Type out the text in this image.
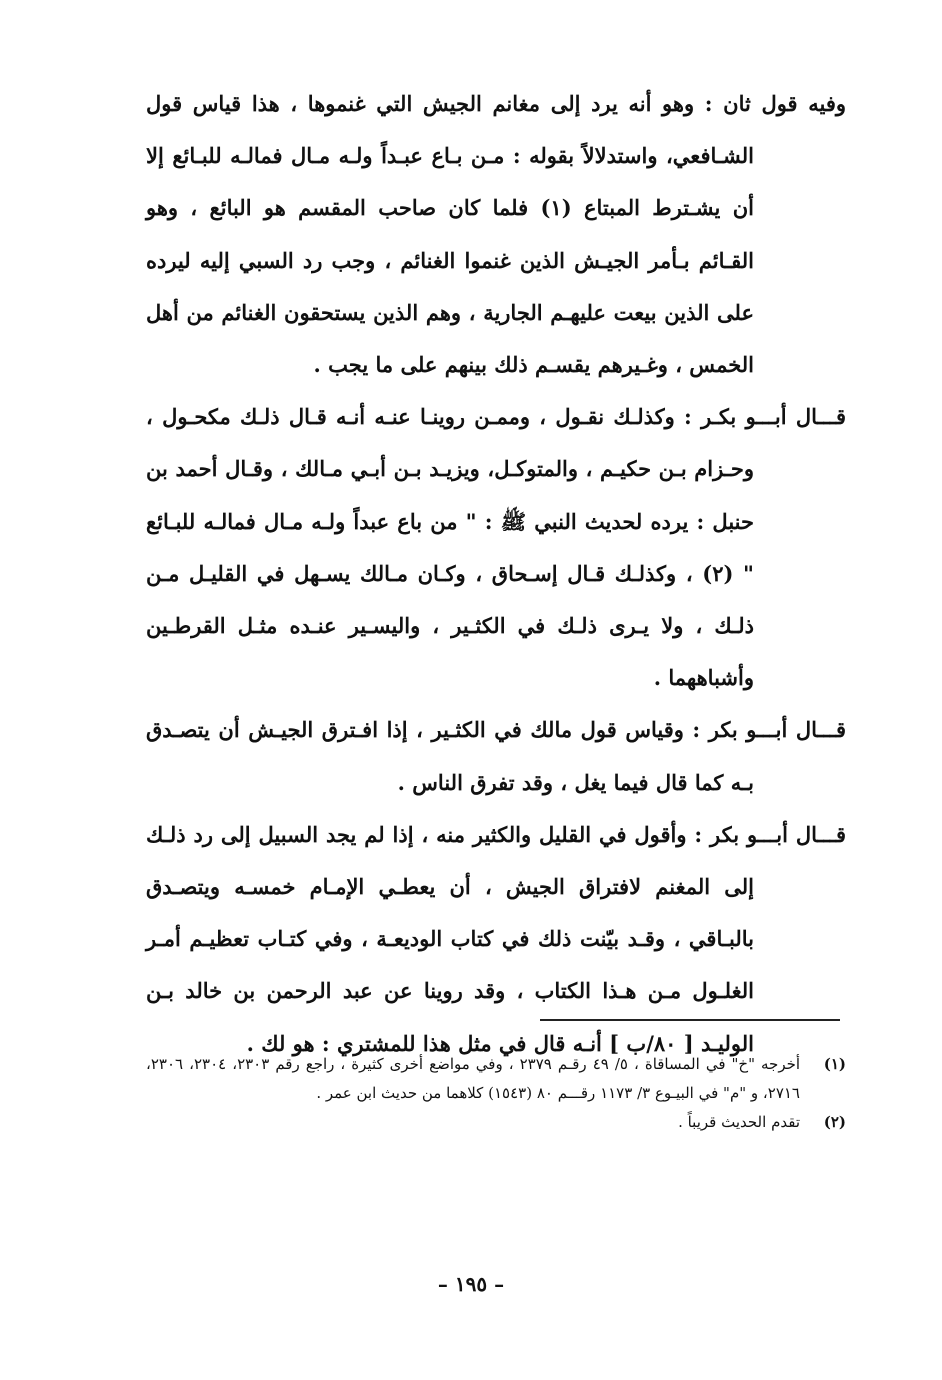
وفيه قول ثان : وهو أنه يرد إلى مغانم الجيش التي غنموها ، هذا قياس قول الشـافعي، واستدلالاً بقوله : مـن بـاع عبـداً ولـه مـال فمالـه للبـائع إلا أن يشـترط المبتاع (١) فلما كان صاحب المقسم هو البائع ، وهو القـائم بـأمر الجيـش الذين غنموا الغنائم ، وجب رد السبي إليه ليرده على الذين بيعت عليهـم الجارية ، وهم الذين يستحقون الغنائم من أهل الخمس ، وغـيرهم يقسـم ذلك بينهم على ما يجب .

قـــال أبـــو بكـر : وكذلـك نقـول ، وممـن روينـا عنـه أنـه قـال ذلـك مكحـول ، وحـزام بـن حكيـم ، والمتوكـل، ويزيـد بـن أبـي مـالك ، وقـال أحمد بن حنبل : يرده لحديث النبي ﷺ : " من باع عبداً ولـه مـال فمالـه للبـائع " (٢) ، وكذلـك قـال إسـحاق ، وكـان مـالك يسـهل في القليـل مـن ذلـك ، ولا يـرى ذلـك في الكثـير ، واليسـير عنـده مثـل القرطـين وأشباههما .

قـــال أبـــو بكر : وقياس قول مالك في الكثـير ، إذا افـترق الجيـش أن يتصـدق بـه كما قال فيما يغل ، وقد تفرق الناس .

قـــال أبـــو بكر : وأقول في القليل والكثير منه ، إذا لم يجد السبيل إلى رد ذلـك إلى المغنم لافتراق الجيش ، أن يعطـي الإمـام خمسـه ويتصـدق بالبـاقي ، وقـد بيّنت ذلك في كتاب الوديعـة ، وفي كتـاب تعظيـم أمـر الغلـول مـن هـذا الكتاب ، وقد روينا عن عبد الرحمن بن خالد بـن الوليـد [ ٨٠/ب ] أنـه قال في مثل هذا للمشتري : هو لك .

(١)
أخرجه "خ" في المساقاة ، ٥/ ٤٩ رقـم ٢٣٧٩ ، وفي مواضع أخرى كثيرة ، راجع رقم ٢٣٠٣، ٢٣٠٤، ٢٣٠٦، ٢٧١٦، و "م" في البيـوع ٣/ ١١٧٣ رقـــم ٨٠ (١٥٤٣) كلاهما من حديث ابن عمر .
(٢)
تقدم الحديث قريباً .
– ١٩٥ –
